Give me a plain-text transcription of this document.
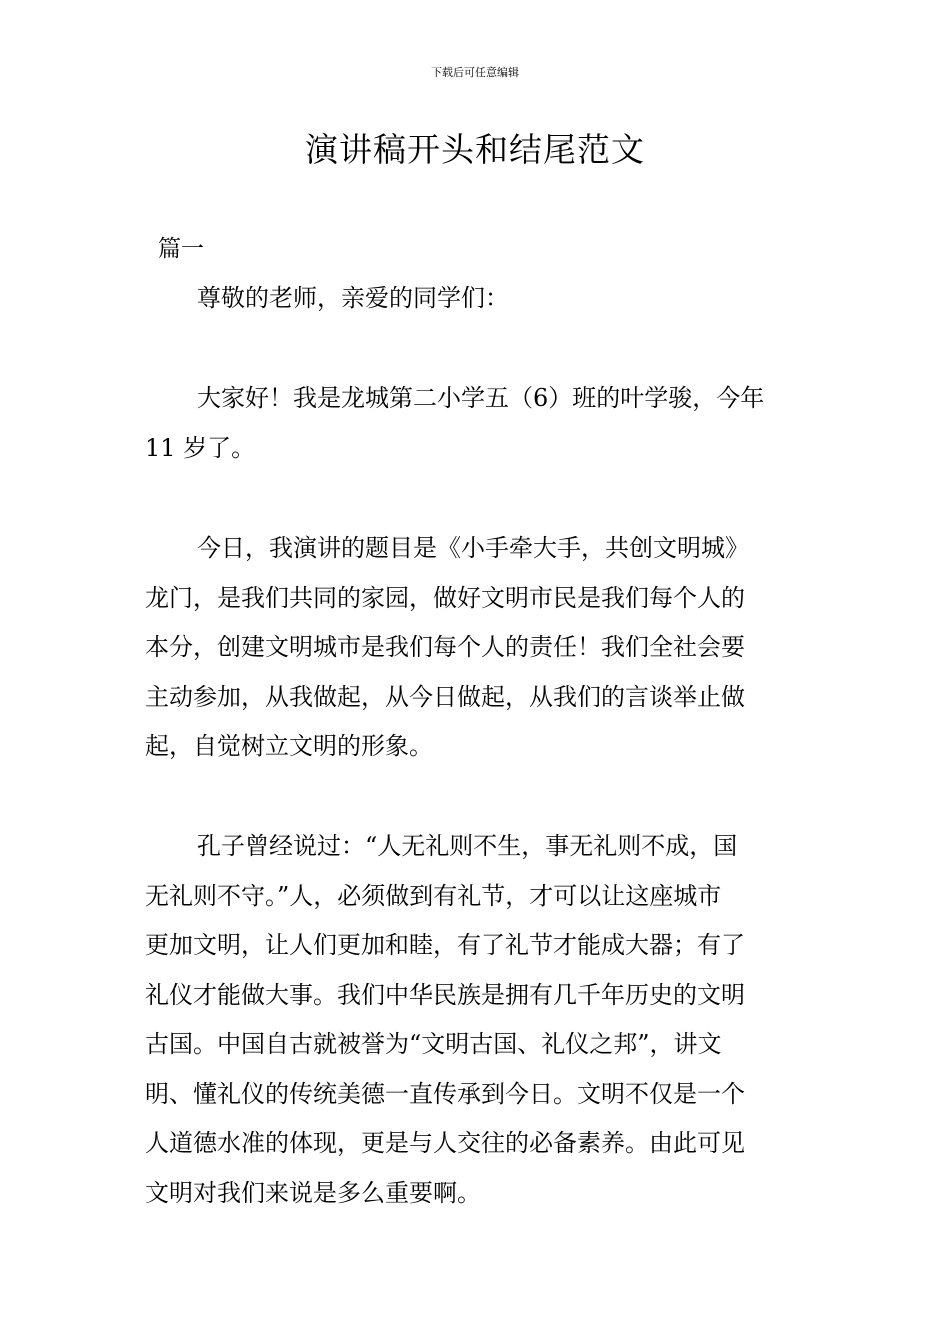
下载后可任意编辑
演讲稿开头和结尾范文
篇一

尊敬的老师，亲爱的同学们：

大家好！我是龙城第二小学五（6）班的叶学骏，今年
11 岁了。

今日，我演讲的题目是《小手牵大手，共创文明城》
龙门，是我们共同的家园，做好文明市民是我们每个人的
本分，创建文明城市是我们每个人的责任！我们全社会要
主动参加，从我做起，从今日做起，从我们的言谈举止做
起，自觉树立文明的形象。

孔子曾经说过：“人无礼则不生，事无礼则不成，国
无礼则不守。”人，必须做到有礼节，才可以让这座城市
更加文明，让人们更加和睦，有了礼节才能成大器；有了
礼仪才能做大事。我们中华民族是拥有几千年历史的文明
古国。中国自古就被誉为“文明古国、礼仪之邦”，讲文
明、懂礼仪的传统美德一直传承到今日。文明不仅是一个
人道德水准的体现，更是与人交往的必备素养。由此可见
文明对我们来说是多么重要啊。
